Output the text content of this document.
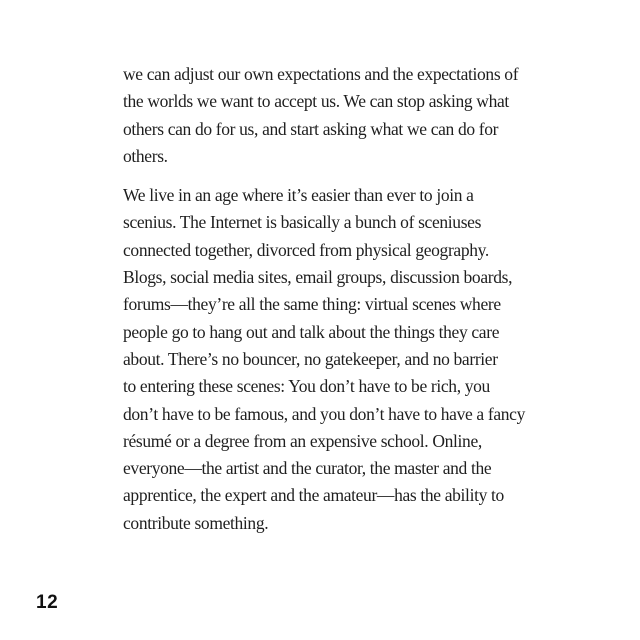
we can adjust our own expectations and the expectations of
the worlds we want to accept us. We can stop asking what
others can do for us, and start asking what we can do for
others.
We live in an age where it’s easier than ever to join a
scenius. The Internet is basically a bunch of sceniuses
connected together, divorced from physical geography.
Blogs, social media sites, email groups, discussion boards,
forums—they’re all the same thing: virtual scenes where
people go to hang out and talk about the things they care
about. There’s no bouncer, no gatekeeper, and no barrier
to entering these scenes: You don’t have to be rich, you
don’t have to be famous, and you don’t have to have a fancy
résumé or a degree from an expensive school. Online,
everyone—the artist and the curator, the master and the
apprentice, the expert and the amateur—has the ability to
contribute something.
12
